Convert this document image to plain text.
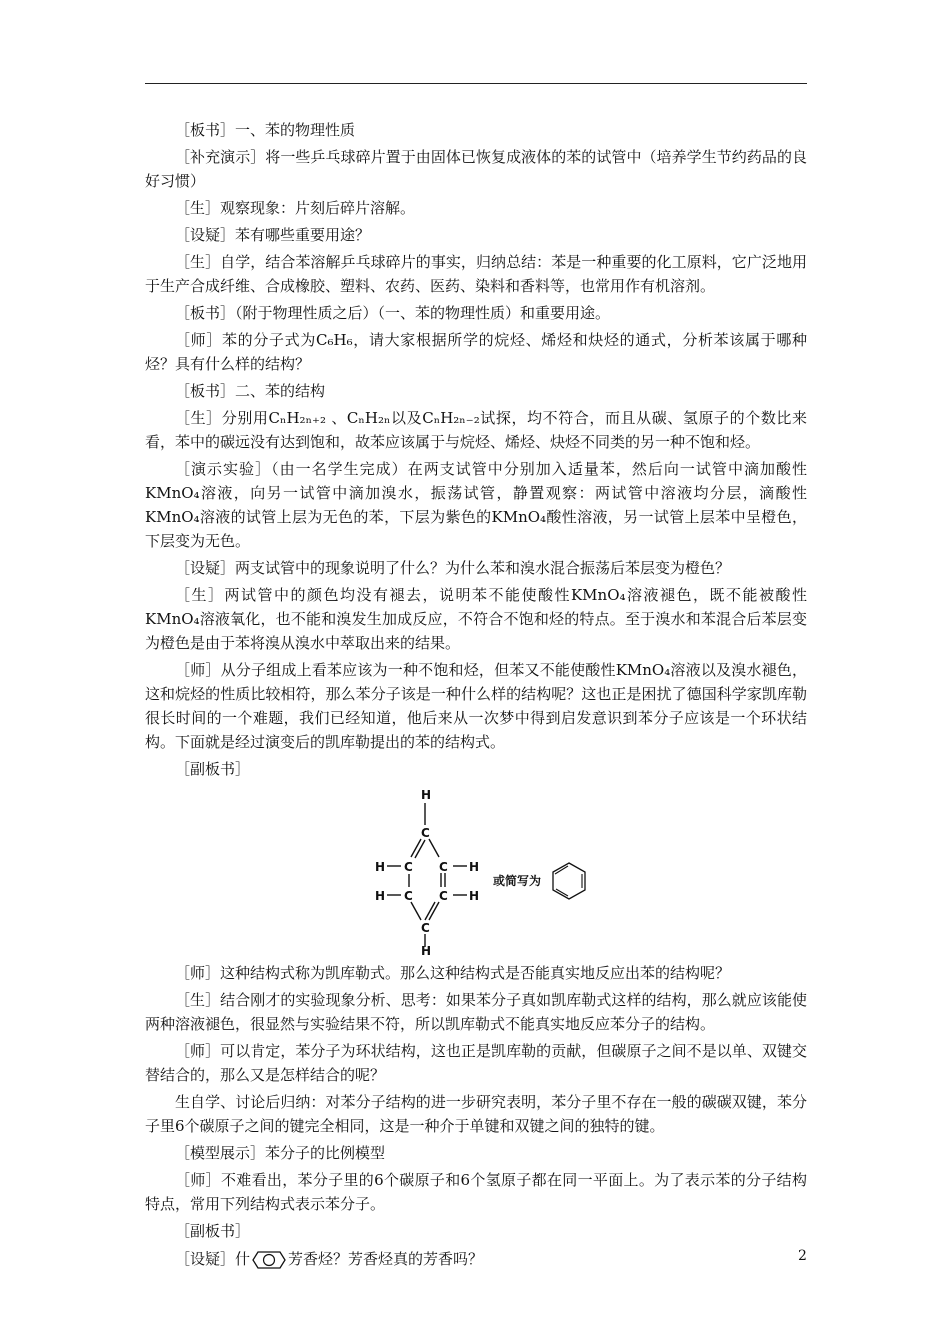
［板书］一、苯的物理性质

［补充演示］将一些乒乓球碎片置于由固体已恢复成液体的苯的试管中（培养学生节约药品的良好习惯）

［生］观察现象：片刻后碎片溶解。

［设疑］苯有哪些重要用途？

［生］自学，结合苯溶解乒乓球碎片的事实，归纳总结：苯是一种重要的化工原料，它广泛地用于生产合成纤维、合成橡胶、塑料、农药、医药、染料和香料等，也常用作有机溶剂。

［板书］（附于物理性质之后）（一、苯的物理性质）和重要用途。

［师］苯的分子式为C₆H₆，请大家根据所学的烷烃、烯烃和炔烃的通式，分析苯该属于哪种烃？具有什么样的结构？

［板书］二、苯的结构

［生］分别用CₙH₂ₙ₊₂ 、CₙH₂ₙ以及CₙH₂ₙ₋₂试探，均不符合，而且从碳、氢原子的个数比来看，苯中的碳远没有达到饱和，故苯应该属于与烷烃、烯烃、炔烃不同类的另一种不饱和烃。

［演示实验］（由一名学生完成）在两支试管中分别加入适量苯，然后向一试管中滴加酸性KMnO₄溶液，向另一试管中滴加溴水，振荡试管，静置观察：两试管中溶液均分层，滴酸性KMnO₄溶液的试管上层为无色的苯，下层为紫色的KMnO₄酸性溶液，另一试管上层苯中呈橙色，下层变为无色。

［设疑］两支试管中的现象说明了什么？为什么苯和溴水混合振荡后苯层变为橙色？

［生］两试管中的颜色均没有褪去，说明苯不能使酸性KMnO₄溶液褪色，既不能被酸性KMnO₄溶液氧化，也不能和溴发生加成反应，不符合不饱和烃的特点。至于溴水和苯混合后苯层变为橙色是由于苯将溴从溴水中萃取出来的结果。

［师］从分子组成上看苯应该为一种不饱和烃，但苯又不能使酸性KMnO₄溶液以及溴水褪色，这和烷烃的性质比较相符，那么苯分子该是一种什么样的结构呢？这也正是困扰了德国科学家凯库勒很长时间的一个难题，我们已经知道，他后来从一次梦中得到启发意识到苯分子应该是一个环状结构。下面就是经过演变后的凯库勒提出的苯的结构式。

［副板书］

H
C
C C
C C
C
H
H
H
H
H
或简写为

［师］这种结构式称为凯库勒式。那么这种结构式是否能真实地反应出苯的结构呢？

［生］结合刚才的实验现象分析、思考：如果苯分子真如凯库勒式这样的结构，那么就应该能使两种溶液褪色，很显然与实验结果不符，所以凯库勒式不能真实地反应苯分子的结构。

［师］可以肯定，苯分子为环状结构，这也正是凯库勒的贡献，但碳原子之间不是以单、双键交替结合的，那么又是怎样结合的呢？

生自学、讨论后归纳：对苯分子结构的进一步研究表明，苯分子里不存在一般的碳碳双键，苯分子里6个碳原子之间的键完全相同，这是一种介于单键和双键之间的独特的键。

［模型展示］苯分子的比例模型

［师］不难看出，苯分子里的6个碳原子和6个氢原子都在同一平面上。为了表示苯的分子结构特点，常用下列结构式表示苯分子。

［副板书］

［设疑］什	芳香烃？芳香烃真的芳香吗？	2
